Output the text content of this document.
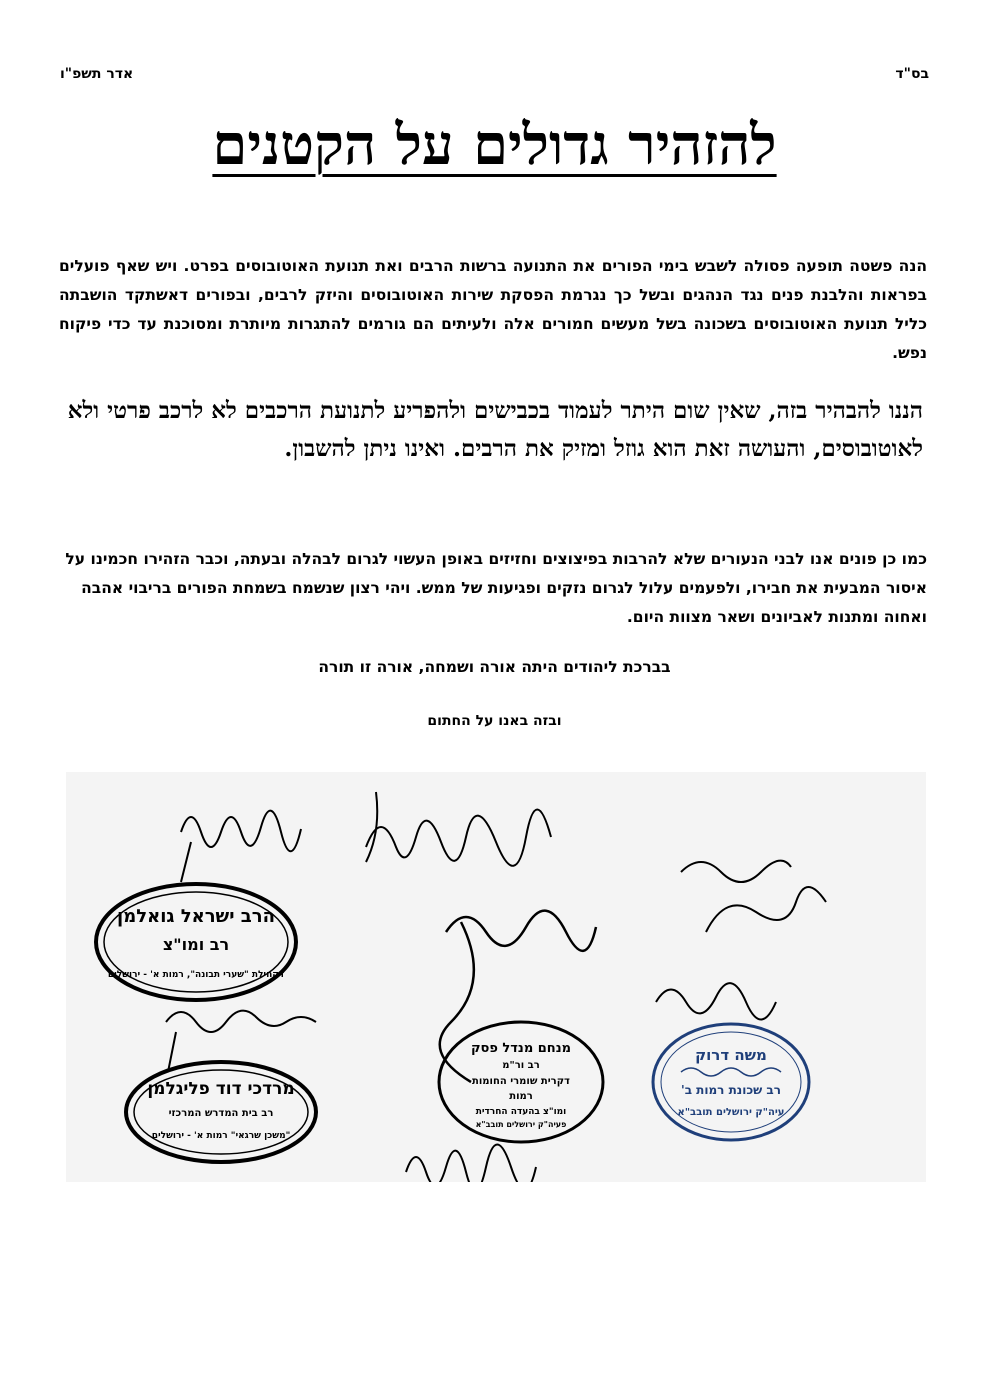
בס"ד
אדר תשפ"ו
להזהיר גדולים על הקטנים
הנה פשטה תופעה פסולה לשבש בימי הפורים את התנועה ברשות הרבים ואת תנועת האוטובוסים בפרט. ויש שאף פועלים בפראות והלבנת פנים נגד הנהגים ובשל כך נגרמת הפסקת שירות האוטובוסים והיזק לרבים, ובפורים דאשתקד הושבתה כליל תנועת האוטובוסים בשכונה בשל מעשים חמורים אלה ולעיתים הם גורמים להתגרות מיותרת ומסוכנת עד כדי פיקוח נפש.
הננו להבהיר בזה, שאין שום היתר לעמוד בכבישים ולהפריע לתנועת הרכבים לא לרכב פרטי ולא לאוטובוסים, והעושה זאת הוא גוזל ומזיק את הרבים. ואינו ניתן להשבון.
כמו כן פונים אנו לבני הנעורים שלא להרבות בפיצוצים וחזיזים באופן העשוי לגרום לבהלה ובעתה, וכבר הזהירו חכמינו על איסור המבעית את חבירו, ולפעמים עלול לגרום נזקים ופגיעות של ממש. ויהי רצון שנשמח בשמחת הפורים בריבוי אהבה ואחוה ומתנות לאביונים ושאר מצוות היום.
בברכת ליהודים היתה אורה ושמחה, אורה זו תורה
ובזה באנו על החתום
הרב ישראל גואלמן
רב ומו"צ
דקהילת "שערי תבונה", רמות א' - ירושלים
מרדכי דוד פליגלמן
רב בית המדרש המרכזי
"משכן שרגאי" רמות א' - ירושלים
מנחם מנדל פסק
רב ור"מ
דקרית שומרי החומות
רמות
ומו"צ בהעדה החרדית
פעיה"ק ירושלים תובב"א
משה דרוק
רב שכונת רמות ב'
עיה"ק ירושלים תובב"א
